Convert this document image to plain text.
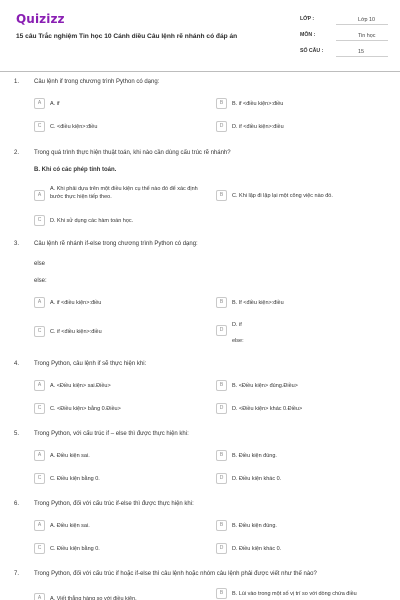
Quizizz
15 câu Trắc nghiệm Tin học 10 Cánh diều Câu lệnh rẽ nhánh có đáp án
LỚP :	Lớp 10
MÔN :	Tin học
SỐ CÂU :	15
1. Câu lệnh if trong chương trình Python có dạng:
A	A. if	B	B. if <điều kiện>:điều
C	C. <điều kiện>:điều	D	D. if <điều kiện>:điều
2. Trong quá trình thực hiện thuật toán, khi nào cần dùng cấu trúc rẽ nhánh?
B. Khi có các phép tính toán.
A
A. Khi phải dựa trên một điều kiện cụ thể nào đó để xác định bước thực hiện tiếp theo.	B	C. Khi lặp đi lặp lại một công việc nào đó.
C	D. Khi sử dụng các hàm toán học.
3. Câu lệnh rẽ nhánh if-else trong chương trình Python có dạng:
else
else:
A	A. if <điều kiện>:điều	B	B. If <điều kiện>:điều
C	C. if <điều kiện>:điều	D
D. if
else:
4. Trong Python, câu lệnh if sẽ thực hiện khi:
A	A. <Điều kiện> sai.Điều>	B	B. <Điều kiện> đúng.Điều>
C	C. <Điều kiện> bằng 0.Điều>	D	D. <Điều kiện> khác 0.Điều>
5. Trong Python, với cấu trúc if – else thì được thực hiện khi:
A	A. Điều kiện sai.	B	B. Điều kiện đúng.
C	C. Điều kiện bằng 0.	D	D. Điều kiện khác 0.
6. Trong Python, đối với cấu trúc if-else thì được thực hiện khi:
A	A. Điều kiện sai.	B	B. Điều kiện đúng.
C	C. Điều kiện bằng 0.	D	D. Điều kiện khác 0.
7. Trong Python, đối với cấu trúc if hoặc if-else thì câu lệnh hoặc nhóm câu lệnh phải được viết như thế nào?
A	A. Viết thẳng hàng so với điều kiện.
B	B. Lùi vào trong một số vị trí so với dòng chứa điều
